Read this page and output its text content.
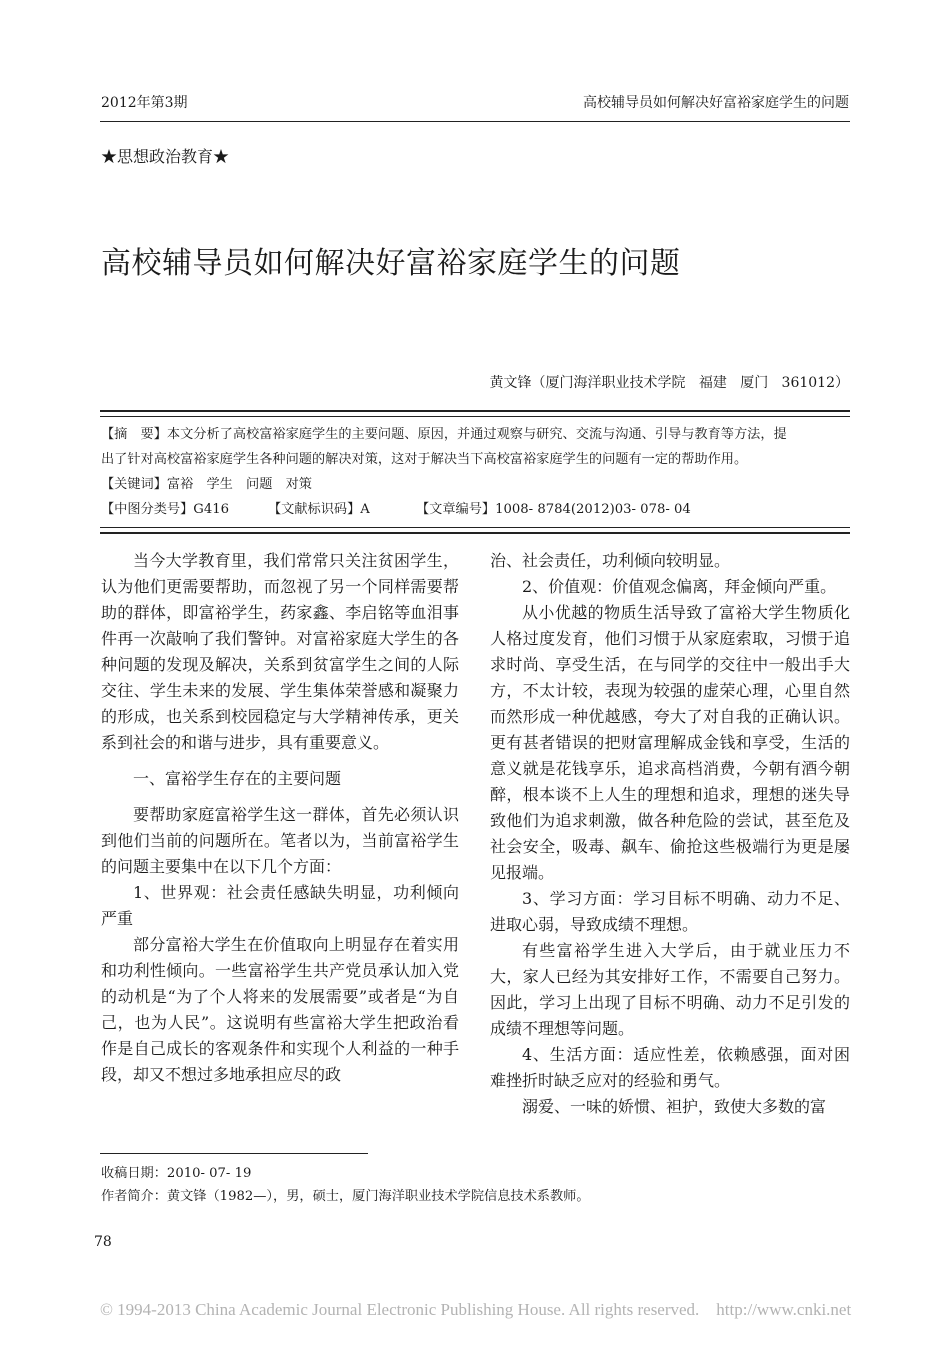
2012年第3期	高校辅导员如何解决好富裕家庭学生的问题
★思想政治教育★
高校辅导员如何解决好富裕家庭学生的问题
黄文锋（厦门海洋职业技术学院   福建   厦门   361012）
【摘　要】本文分析了高校富裕家庭学生的主要问题、原因，并通过观察与研究、交流与沟通、引导与教育等方法，提
出了针对高校富裕家庭学生各种问题的解决对策，这对于解决当下高校富裕家庭学生的问题有一定的帮助作用。
【关键词】富裕　学生　问题　对策
【中图分类号】G416	【文献标识码】A	【文章编号】1008- 8784(2012)03- 078- 04

当今大学教育里，我们常常只关注贫困学生，认为他们更需要帮助，而忽视了另一个同样需要帮助的群体，即富裕学生，药家鑫、李启铭等血泪事件再一次敲响了我们警钟。对富裕家庭大学生的各种问题的发现及解决，关系到贫富学生之间的人际交往、学生未来的发展、学生集体荣誉感和凝聚力的形成，也关系到校园稳定与大学精神传承，更关系到社会的和谐与进步，具有重要意义。

一、富裕学生存在的主要问题

要帮助家庭富裕学生这一群体，首先必须认识到他们当前的问题所在。笔者以为，当前富裕学生的问题主要集中在以下几个方面：

1、世界观：社会责任感缺失明显，功利倾向严重

部分富裕大学生在价值取向上明显存在着实用和功利性倾向。一些富裕学生共产党员承认加入党的动机是“为了个人将来的发展需要”或者是“为自己，也为人民”。这说明有些富裕大学生把政治看作是自己成长的客观条件和实现个人利益的一种手段，却又不想过多地承担应尽的政

治、社会责任，功利倾向较明显。

2、价值观：价值观念偏离，拜金倾向严重。

从小优越的物质生活导致了富裕大学生物质化人格过度发育，他们习惯于从家庭索取，习惯于追求时尚、享受生活，在与同学的交往中一般出手大方，不太计较，表现为较强的虚荣心理，心里自然而然形成一种优越感，夸大了对自我的正确认识。更有甚者错误的把财富理解成金钱和享受，生活的意义就是花钱享乐，追求高档消费，今朝有酒今朝醉，根本谈不上人生的理想和追求，理想的迷失导致他们为追求刺激，做各种危险的尝试，甚至危及社会安全，吸毒、飙车、偷抢这些极端行为更是屡见报端。

3、学习方面：学习目标不明确、动力不足、进取心弱，导致成绩不理想。

有些富裕学生进入大学后，由于就业压力不大，家人已经为其安排好工作，不需要自己努力。因此，学习上出现了目标不明确、动力不足引发的成绩不理想等问题。

4、生活方面：适应性差，依赖感强，面对困难挫折时缺乏应对的经验和勇气。

溺爱、一味的娇惯、袒护，致使大多数的富

收稿日期：2010- 07- 19
作者简介：黄文锋（1982—），男，硕士，厦门海洋职业技术学院信息技术系教师。
78
© 1994-2013 China Academic Journal Electronic Publishing House. All rights reserved.    http://www.cnki.net
